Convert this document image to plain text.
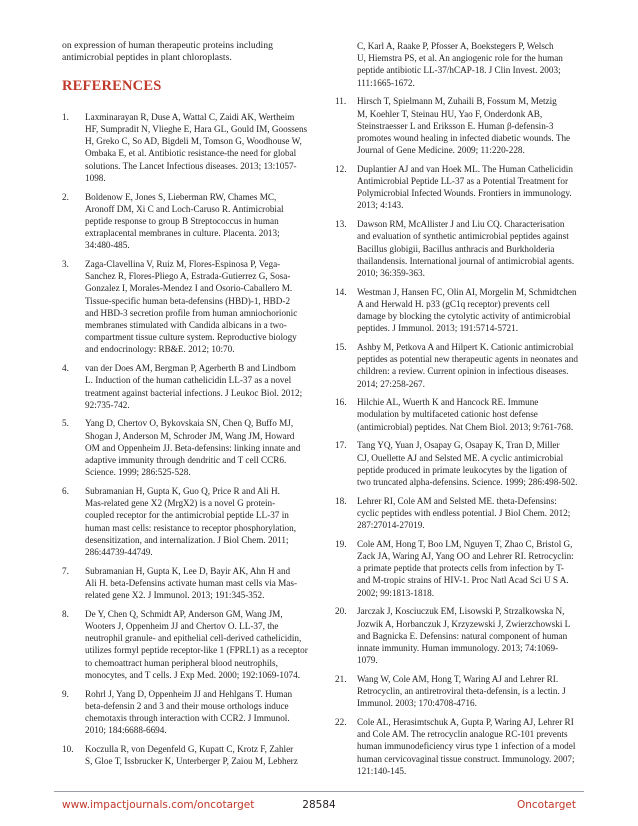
on expression of human therapeutic proteins including
antimicrobial peptides in plant chloroplasts.

REFERENCES
1.	Laxminarayan R, Duse A, Wattal C, Zaidi AK, Wertheim
HF, Sumpradit N, Vlieghe E, Hara GL, Gould IM, Goossens
H, Greko C, So AD, Bigdeli M, Tomson G, Woodhouse W,
Ombaka E, et al. Antibiotic resistance-the need for global
solutions. The Lancet Infectious diseases. 2013; 13:1057-
1098.
2.	Boldenow E, Jones S, Lieberman RW, Chames MC,
Aronoff DM, Xi C and Loch-Caruso R. Antimicrobial
peptide response to group B Streptococcus in human
extraplacental membranes in culture. Placenta. 2013;
34:480-485.
3.	Zaga-Clavellina V, Ruiz M, Flores-Espinosa P, Vega-
Sanchez R, Flores-Pliego A, Estrada-Gutierrez G, Sosa-
Gonzalez I, Morales-Mendez I and Osorio-Caballero M.
Tissue-specific human beta-defensins (HBD)-1, HBD-2
and HBD-3 secretion profile from human amniochorionic
membranes stimulated with Candida albicans in a two-
compartment tissue culture system. Reproductive biology
and endocrinology: RB&E. 2012; 10:70.
4.	van der Does AM, Bergman P, Agerberth B and Lindbom
L. Induction of the human cathelicidin LL-37 as a novel
treatment against bacterial infections. J Leukoc Biol. 2012;
92:735-742.
5.	Yang D, Chertov O, Bykovskaia SN, Chen Q, Buffo MJ,
Shogan J, Anderson M, Schroder JM, Wang JM, Howard
OM and Oppenheim JJ. Beta-defensins: linking innate and
adaptive immunity through dendritic and T cell CCR6.
Science. 1999; 286:525-528.
6.	Subramanian H, Gupta K, Guo Q, Price R and Ali H.
Mas-related gene X2 (MrgX2) is a novel G protein-
coupled receptor for the antimicrobial peptide LL-37 in
human mast cells: resistance to receptor phosphorylation,
desensitization, and internalization. J Biol Chem. 2011;
286:44739-44749.
7.	Subramanian H, Gupta K, Lee D, Bayir AK, Ahn H and
Ali H. beta-Defensins activate human mast cells via Mas-
related gene X2. J Immunol. 2013; 191:345-352.
8.	De Y, Chen Q, Schmidt AP, Anderson GM, Wang JM,
Wooters J, Oppenheim JJ and Chertov O. LL-37, the
neutrophil granule- and epithelial cell-derived cathelicidin,
utilizes formyl peptide receptor-like 1 (FPRL1) as a receptor
to chemoattract human peripheral blood neutrophils,
monocytes, and T cells. J Exp Med. 2000; 192:1069-1074.
9.	Rohrl J, Yang D, Oppenheim JJ and Hehlgans T. Human
beta-defensin 2 and 3 and their mouse orthologs induce
chemotaxis through interaction with CCR2. J Immunol.
2010; 184:6688-6694.
10.	Koczulla R, von Degenfeld G, Kupatt C, Krotz F, Zahler
S, Gloe T, Issbrucker K, Unterberger P, Zaiou M, Lebherz
C, Karl A, Raake P, Pfosser A, Boekstegers P, Welsch
U, Hiemstra PS, et al. An angiogenic role for the human
peptide antibiotic LL-37/hCAP-18. J Clin Invest. 2003;
111:1665-1672.
11.	Hirsch T, Spielmann M, Zuhaili B, Fossum M, Metzig
M, Koehler T, Steinau HU, Yao F, Onderdonk AB,
Steinstraesser L and Eriksson E. Human β-defensin-3
promotes wound healing in infected diabetic wounds. The
Journal of Gene Medicine. 2009; 11:220-228.
12.	Duplantier AJ and van Hoek ML. The Human Cathelicidin
Antimicrobial Peptide LL-37 as a Potential Treatment for
Polymicrobial Infected Wounds. Frontiers in immunology.
2013; 4:143.
13.	Dawson RM, McAllister J and Liu CQ. Characterisation
and evaluation of synthetic antimicrobial peptides against
Bacillus globigii, Bacillus anthracis and Burkholderia
thailandensis. International journal of antimicrobial agents.
2010; 36:359-363.
14.	Westman J, Hansen FC, Olin AI, Morgelin M, Schmidtchen
A and Herwald H. p33 (gC1q receptor) prevents cell
damage by blocking the cytolytic activity of antimicrobial
peptides. J Immunol. 2013; 191:5714-5721.
15.	Ashby M, Petkova A and Hilpert K. Cationic antimicrobial
peptides as potential new therapeutic agents in neonates and
children: a review. Current opinion in infectious diseases.
2014; 27:258-267.
16.	Hilchie AL, Wuerth K and Hancock RE. Immune
modulation by multifaceted cationic host defense
(antimicrobial) peptides. Nat Chem Biol. 2013; 9:761-768.
17.	Tang YQ, Yuan J, Osapay G, Osapay K, Tran D, Miller
CJ, Ouellette AJ and Selsted ME. A cyclic antimicrobial
peptide produced in primate leukocytes by the ligation of
two truncated alpha-defensins. Science. 1999; 286:498-502.
18.	Lehrer RI, Cole AM and Selsted ME. theta-Defensins:
cyclic peptides with endless potential. J Biol Chem. 2012;
287:27014-27019.
19.	Cole AM, Hong T, Boo LM, Nguyen T, Zhao C, Bristol G,
Zack JA, Waring AJ, Yang OO and Lehrer RI. Retrocyclin:
a primate peptide that protects cells from infection by T-
and M-tropic strains of HIV-1. Proc Natl Acad Sci U S A.
2002; 99:1813-1818.
20.	Jarczak J, Kosciuczuk EM, Lisowski P, Strzalkowska N,
Jozwik A, Horbanczuk J, Krzyzewski J, Zwierzchowski L
and Bagnicka E. Defensins: natural component of human
innate immunity. Human immunology. 2013; 74:1069-
1079.
21.	Wang W, Cole AM, Hong T, Waring AJ and Lehrer RI.
Retrocyclin, an antiretroviral theta-defensin, is a lectin. J
Immunol. 2003; 170:4708-4716.
22.	Cole AL, Herasimtschuk A, Gupta P, Waring AJ, Lehrer RI
and Cole AM. The retrocyclin analogue RC-101 prevents
human immunodeficiency virus type 1 infection of a model
human cervicovaginal tissue construct. Immunology. 2007;
121:140-145.
www.impactjournals.com/oncotarget	28584	Oncotarget
